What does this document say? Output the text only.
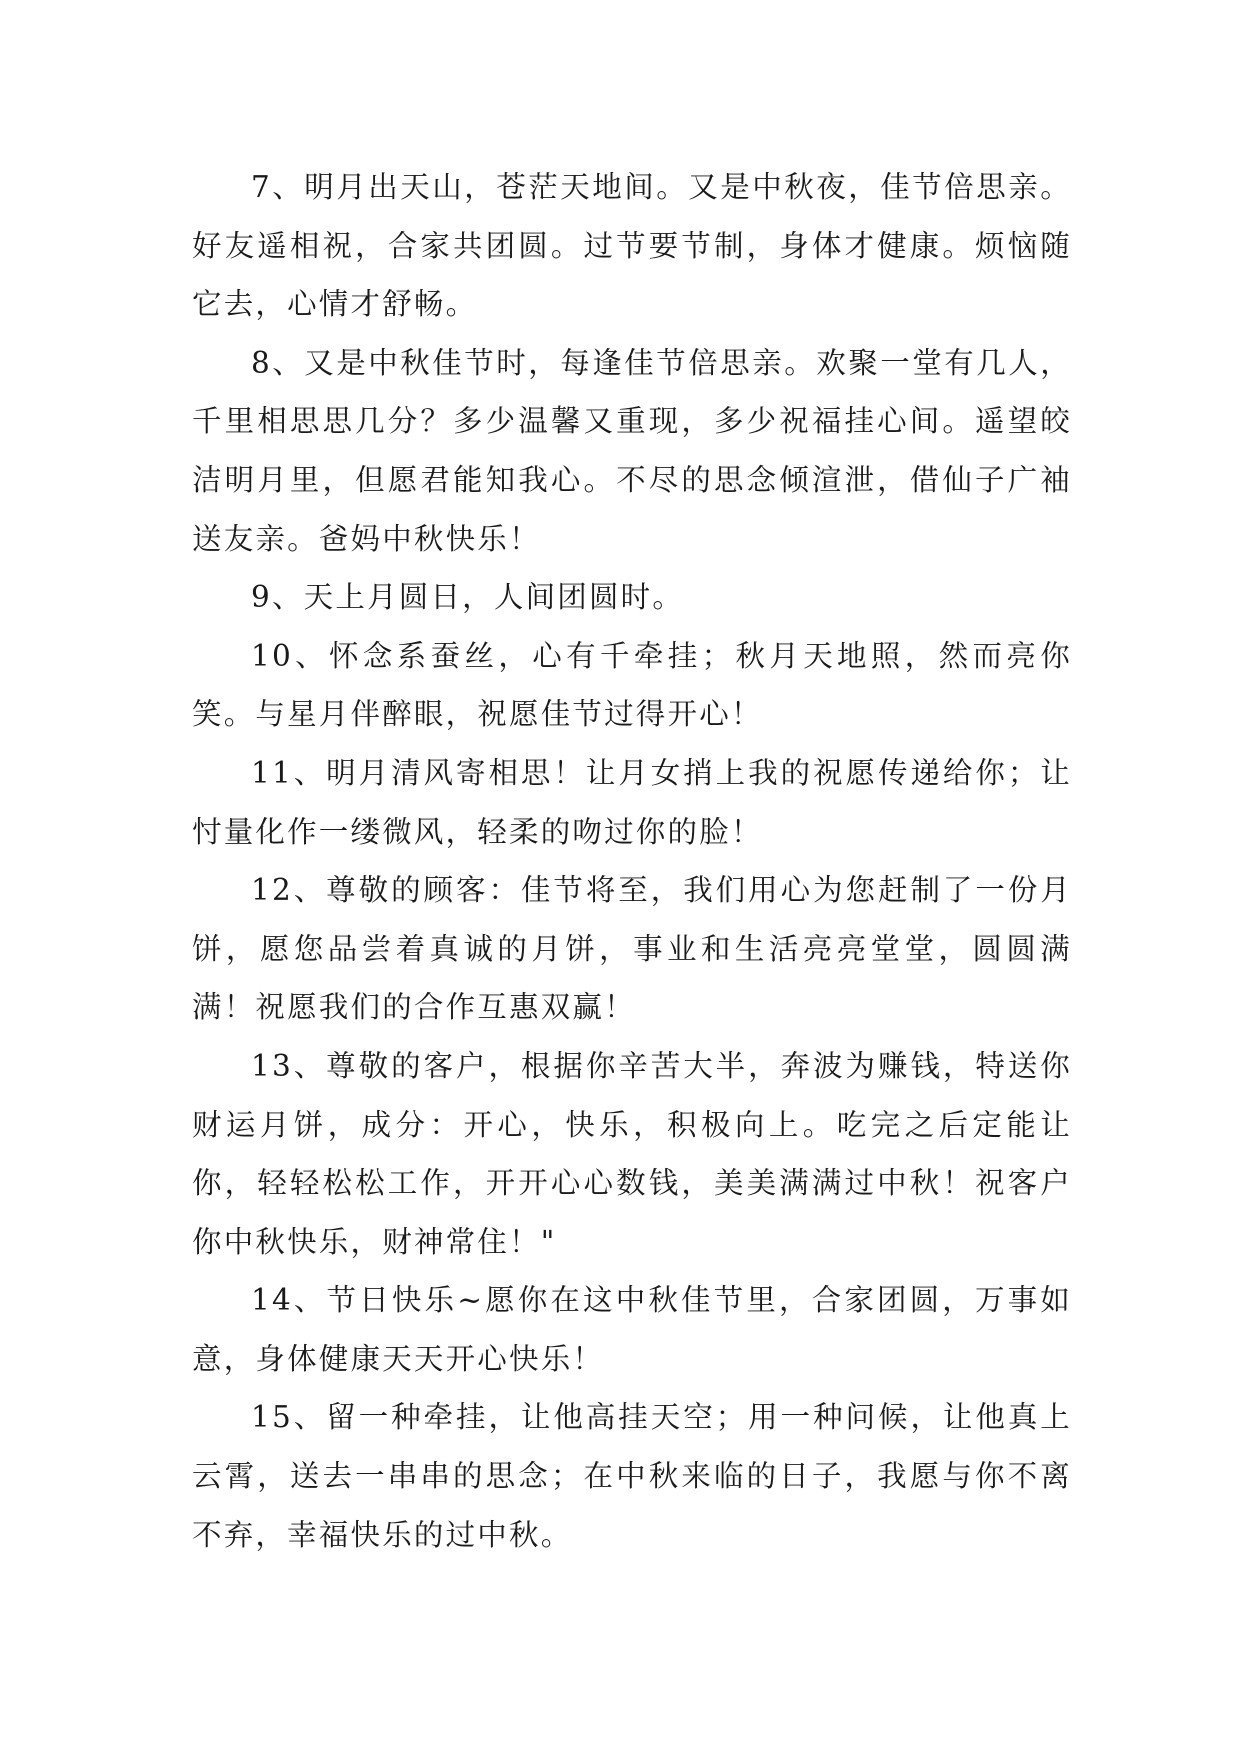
7、明月出天山，苍茫天地间。又是中秋夜，佳节倍思亲。好友遥相祝，合家共团圆。过节要节制，身体才健康。烦恼随它去，心情才舒畅。

8、又是中秋佳节时，每逢佳节倍思亲。欢聚一堂有几人，千里相思思几分？多少温馨又重现，多少祝福挂心间。遥望皎洁明月里，但愿君能知我心。不尽的思念倾渲泄，借仙子广袖送友亲。爸妈中秋快乐！

9、天上月圆日，人间团圆时。

10、怀念系蚕丝，心有千牵挂；秋月天地照，然而亮你笑。与星月伴醉眼，祝愿佳节过得开心！

11、明月清风寄相思！让月女捎上我的祝愿传递给你；让忖量化作一缕微风，轻柔的吻过你的脸！

12、尊敬的顾客：佳节将至，我们用心为您赶制了一份月饼，愿您品尝着真诚的月饼，事业和生活亮亮堂堂，圆圆满满！祝愿我们的合作互惠双赢！

13、尊敬的客户，根据你辛苦大半，奔波为赚钱，特送你财运月饼，成分：开心，快乐，积极向上。吃完之后定能让你，轻轻松松工作，开开心心数钱，美美满满过中秋！祝客户你中秋快乐，财神常住！"

14、节日快乐~愿你在这中秋佳节里，合家团圆，万事如意，身体健康天天开心快乐！

15、留一种牵挂，让他高挂天空；用一种问候，让他真上云霄，送去一串串的思念；在中秋来临的日子，我愿与你不离不弃，幸福快乐的过中秋。
